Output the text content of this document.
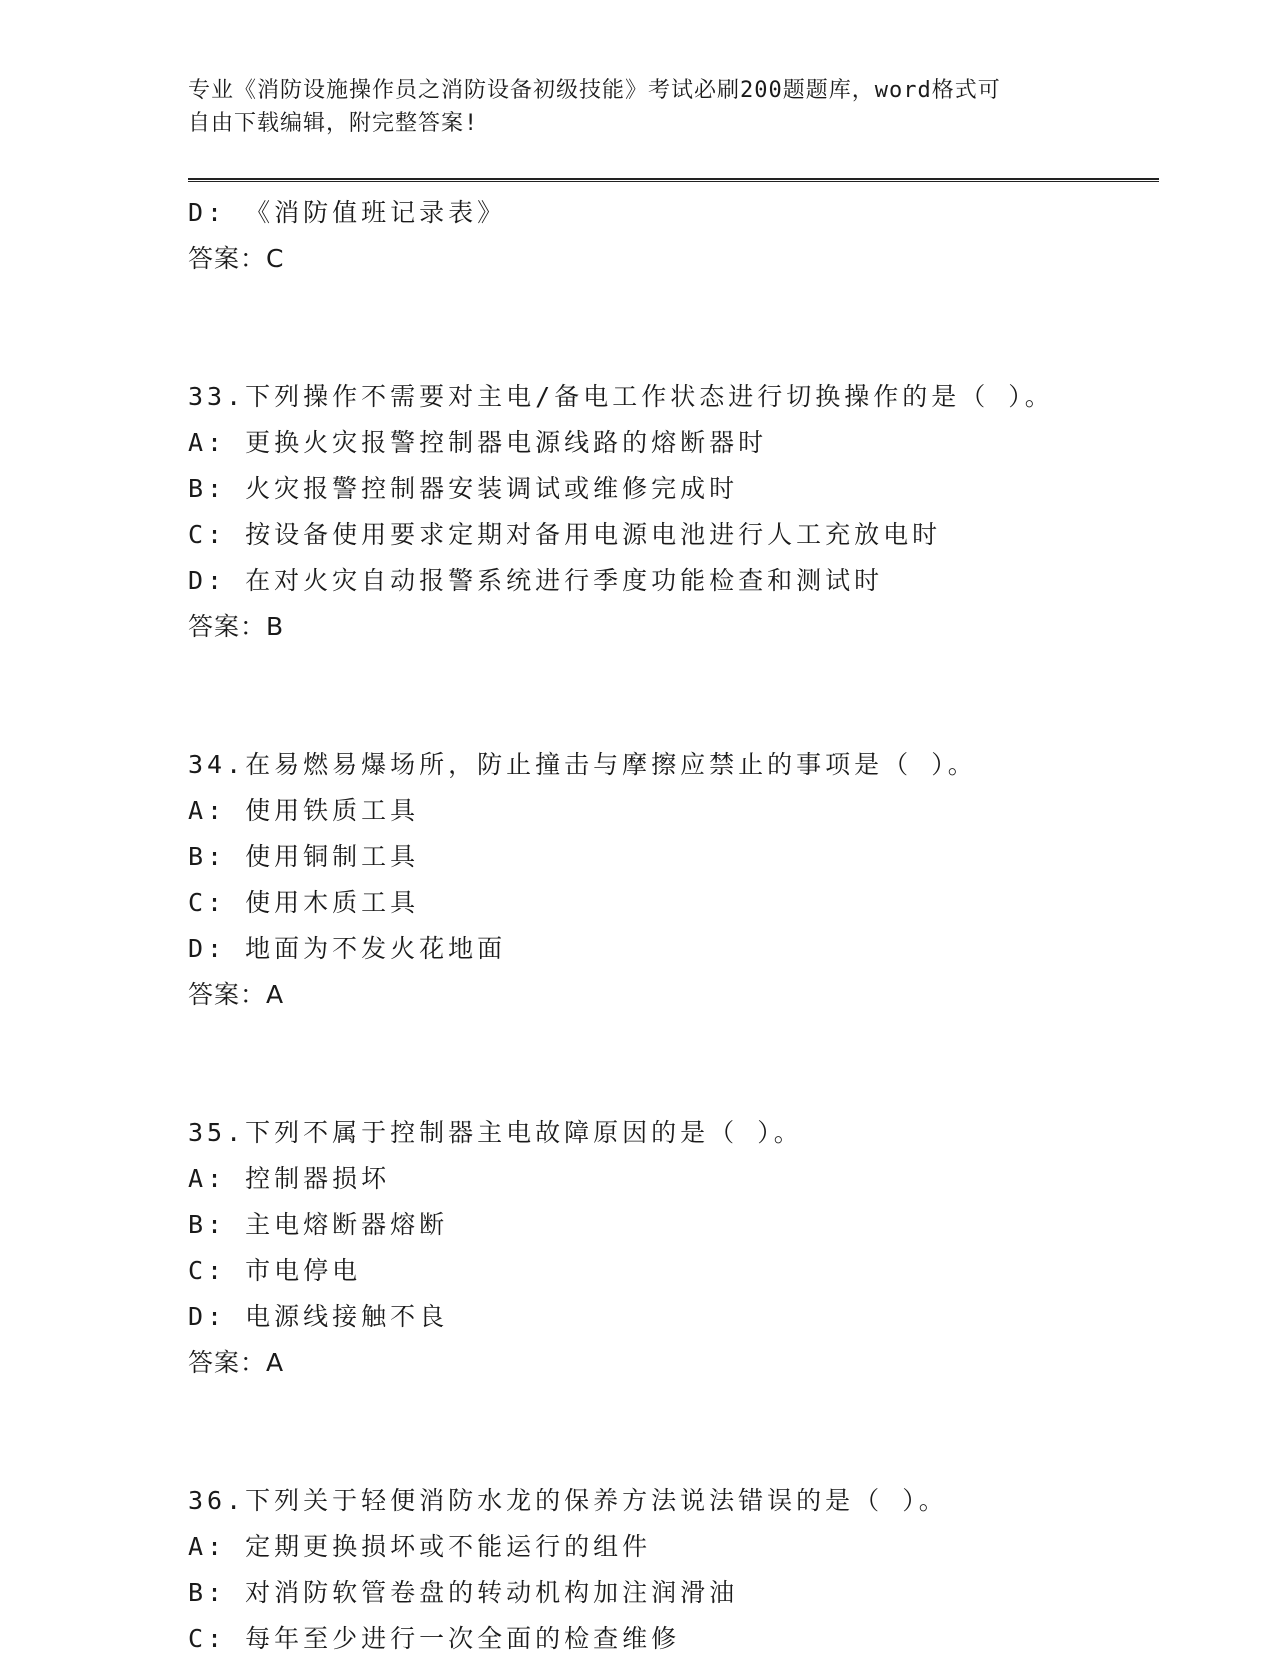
专业《消防设施操作员之消防设备初级技能》考试必刷200题题库，word格式可
自由下载编辑，附完整答案!
D: 《消防值班记录表》
答案：C
33.下列操作不需要对主电/备电工作状态进行切换操作的是（ ）。
A: 更换火灾报警控制器电源线路的熔断器时
B: 火灾报警控制器安装调试或维修完成时
C: 按设备使用要求定期对备用电源电池进行人工充放电时
D: 在对火灾自动报警系统进行季度功能检查和测试时
答案：B
34.在易燃易爆场所，防止撞击与摩擦应禁止的事项是（ ）。
A: 使用铁质工具
B: 使用铜制工具
C: 使用木质工具
D: 地面为不发火花地面
答案：A
35.下列不属于控制器主电故障原因的是（ ）。
A: 控制器损坏
B: 主电熔断器熔断
C: 市电停电
D: 电源线接触不良
答案：A
36.下列关于轻便消防水龙的保养方法说法错误的是（ ）。
A: 定期更换损坏或不能运行的组件
B: 对消防软管卷盘的转动机构加注润滑油
C: 每年至少进行一次全面的检查维修
